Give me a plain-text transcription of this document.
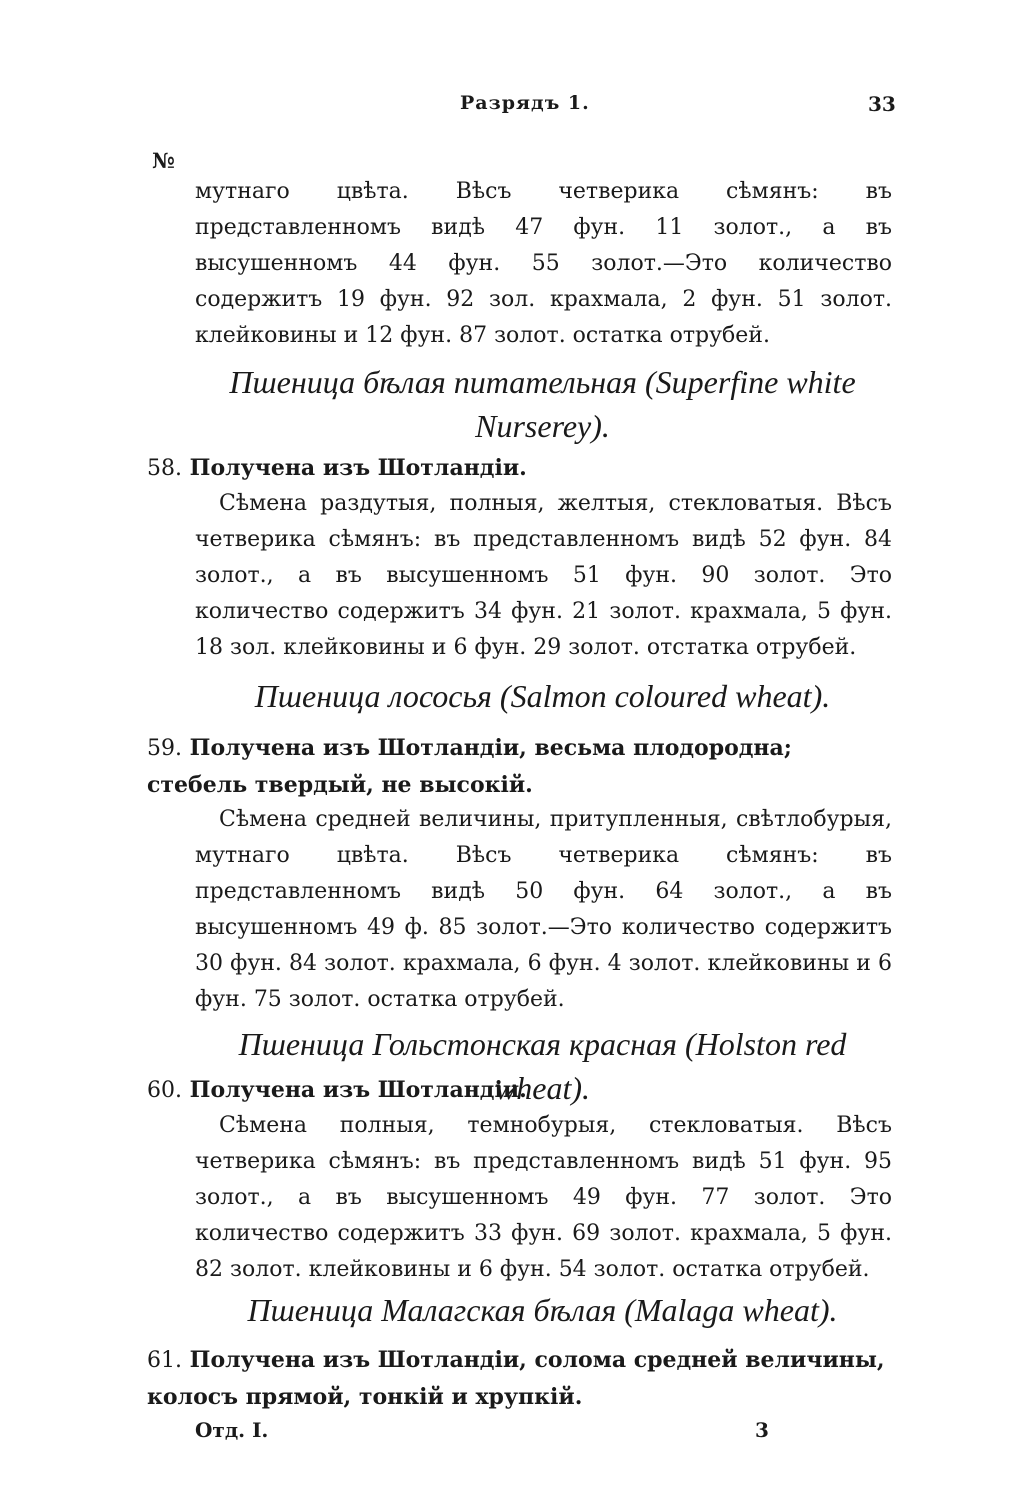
Разрядъ 1.	33
№

мутнаго цвѣта. Вѣсъ четверика сѣмянъ: въ представленномъ видѣ 47 фун. 11 золот., а въ высушенномъ 44 фун. 55 золот.—Это количество содержитъ 19 фун. 92 зол. крахмала, 2 фун. 51 золот. клейковины и 12 фун. 87 золот. остатка отрубей.

Пшеница бѣлая питательная (Superfine white Nurserey).

58. Получена изъ Шотландiи.

Сѣмена раздутыя, полныя, желтыя, стекловатыя. Вѣсъ четверика сѣмянъ: въ представленномъ видѣ 52 фун. 84 золот., а въ высушенномъ 51 фун. 90 золот. Это количество содержитъ 34 фун. 21 золот. крахмала, 5 фун. 18 зол. клейковины и 6 фун. 29 золот. отстатка отрубей.

Пшеница лососья (Salmon coloured wheat).

59. Получена изъ Шотландiи, весьма плодородна; стебель твердый, не высокiй.

Сѣмена средней величины, притупленныя, свѣтлобурыя, мутнаго цвѣта. Вѣсъ четверика сѣмянъ: въ представленномъ видѣ 50 фун. 64 золот., а въ высушенномъ 49 ф. 85 золот.—Это количество содержитъ 30 фун. 84 золот. крахмала, 6 фун. 4 золот. клейковины и 6 фун. 75 золот. остатка отрубей.

Пшеница Гольстонская красная (Holston red wheat).

60. Получена изъ Шотландiи.

Сѣмена полныя, темнобурыя, стекловатыя. Вѣсъ четверика сѣмянъ: въ представленномъ видѣ 51 фун. 95 золот., а въ высушенномъ 49 фун. 77 золот. Это количество содержитъ 33 фун. 69 золот. крахмала, 5 фун. 82 золот. клейковины и 6 фун. 54 золот. остатка отрубей.

Пшеница Малагская бѣлая (Malaga wheat).

61. Получена изъ Шотландiи, солома средней величины, колосъ прямой, тонкiй и хрупкiй.

Отд. I.	3
